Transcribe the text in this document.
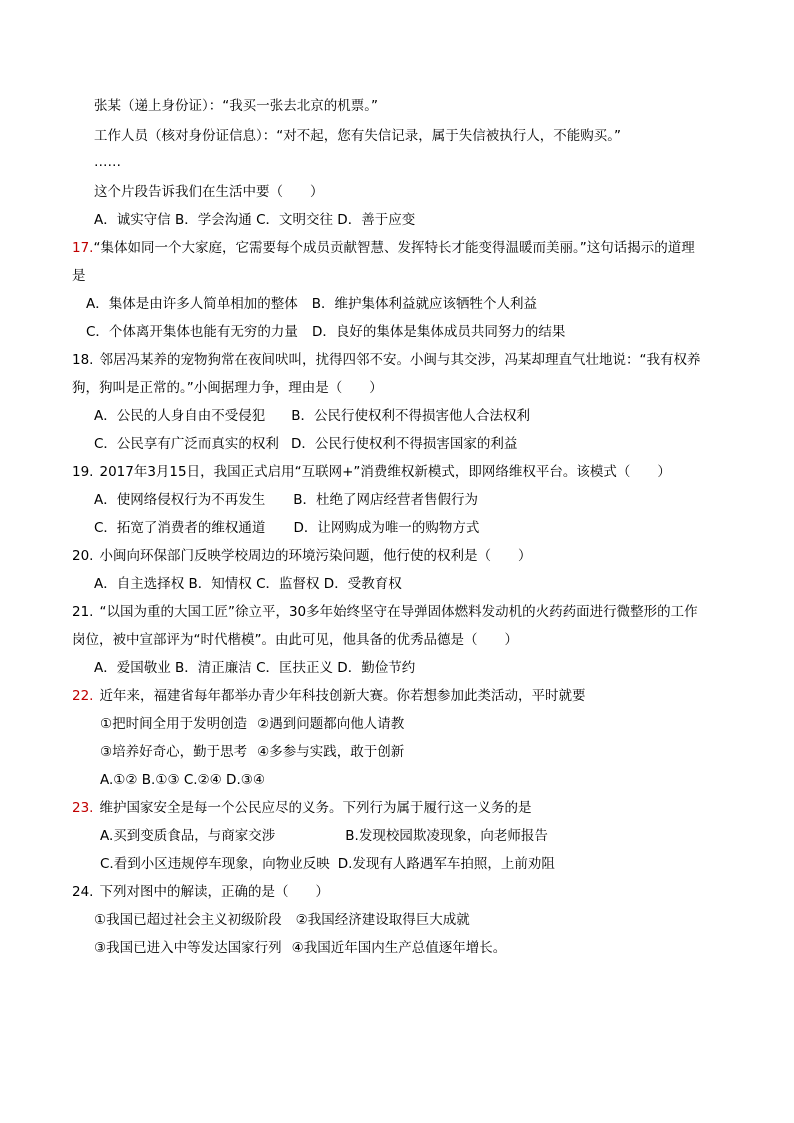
张某（递上身份证）：“我买一张去北京的机票。”
工作人员（核对身份证信息）：“对不起，您有失信记录，属于失信被执行人，不能购买。”
……
这个片段告诉我们在生活中要（　　）
A．诚实守信 B．学会沟通 C．文明交往 D．善于应变
17.“集体如同一个大家庭，它需要每个成员贡献智慧、发挥特长才能变得温暖而美丽。”这句话揭示的道理
是
A．集体是由许多人简单相加的整体 B．维护集体利益就应该牺牲个人利益
C．个体离开集体也能有无穷的力量 D．良好的集体是集体成员共同努力的结果
18. 邻居冯某养的宠物狗常在夜间吠叫，扰得四邻不安。小闽与其交涉，冯某却理直气壮地说：“我有权养
狗，狗叫是正常的。”小闽据理力争，理由是（　　）
A．公民的人身自由不受侵犯 B．公民行使权利不得损害他人合法权利
C．公民享有广泛而真实的权利 D．公民行使权利不得损害国家的利益
19. 2017年3月15日，我国正式启用“互联网+”消费维权新模式，即网络维权平台。该模式（　　）
A．使网络侵权行为不再发生 B．杜绝了网店经营者售假行为
C．拓宽了消费者的维权通道 D．让网购成为唯一的购物方式
20. 小闽向环保部门反映学校周边的环境污染问题，他行使的权利是（　　）
A．自主选择权 B．知情权 C．监督权 D．受教育权
21. “以国为重的大国工匠”徐立平，30多年始终坚守在导弹固体燃料发动机的火药药面进行微整形的工作
岗位，被中宣部评为“时代楷模”。由此可见，他具备的优秀品德是（　　）
A．爱国敬业 B．清正廉洁 C．匡扶正义 D．勤俭节约
22. 近年来，福建省每年都举办青少年科技创新大赛。你若想参加此类活动，平时就要
①把时间全用于发明创造 ②遇到问题都向他人请教
③培养好奇心，勤于思考 ④多参与实践，敢于创新
A.①② B.①③ C.②④ D.③④
23. 维护国家安全是每一个公民应尽的义务。下列行为属于履行这一义务的是
A.买到变质食品，与商家交涉	B.发现校园欺凌现象，向老师报告
C.看到小区违规停车现象，向物业反映 D.发现有人路遇军车拍照，上前劝阻
24. 下列对图中的解读，正确的是（　　）
①我国已超过社会主义初级阶段 ②我国经济建设取得巨大成就
③我国已进入中等发达国家行列 ④我国近年国内生产总值逐年增长。
